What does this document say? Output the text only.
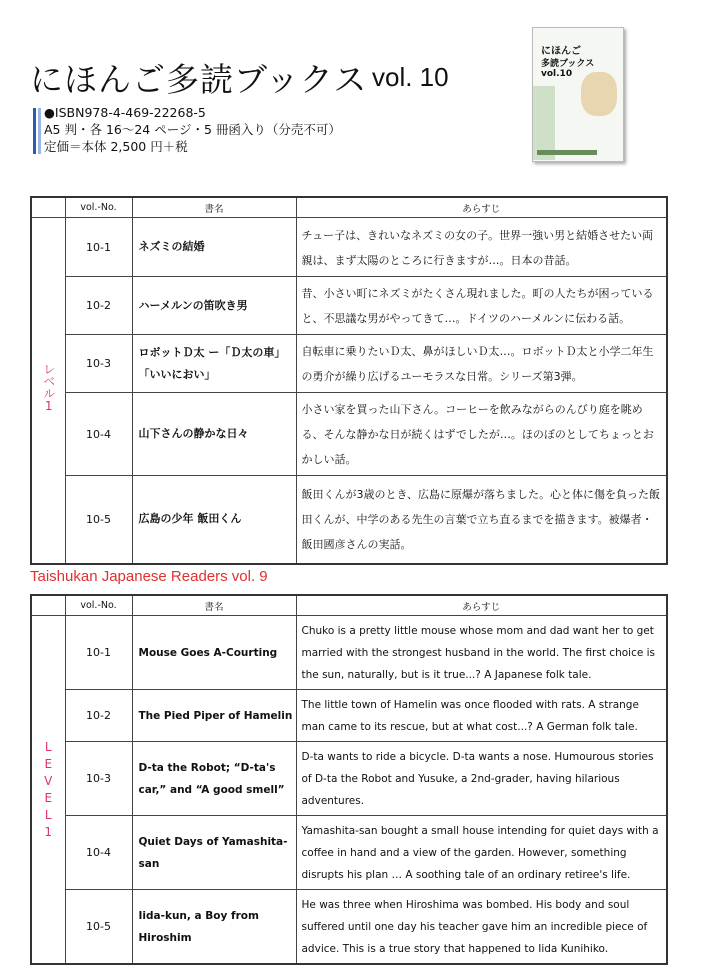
にほんご多読ブックス vol. 10
●ISBN978-4-469-22268-5
A5 判・各 16～24 ページ・5 冊函入り（分売不可）
定価＝本体 2,500 円＋税
にほんご
多読ブックス vol.10
	vol.-No.	書名	あらすじ
レベル1	10-1	ネズミの結婚	チュー子は、きれいなネズミの女の子。世界一強い男と結婚させたい両親は、まず太陽のところに行きますが…。日本の昔話。
	10-2	ハーメルンの笛吹き男	昔、小さい町にネズミがたくさん現れました。町の人たちが困っていると、不思議な男がやってきて…。ドイツのハーメルンに伝わる話。
	10-3	ロボットＤ太 ー「Ｄ太の車」「いいにおい」	自転車に乗りたいＤ太、鼻がほしいＤ太…。ロボットＤ太と小学二年生の勇介が繰り広げるユーモラスな日常。シリーズ第3弾。
	10-4	山下さんの静かな日々	小さい家を買った山下さん。コーヒーを飲みながらのんびり庭を眺める、そんな静かな日が続くはずでしたが…。ほのぼのとしてちょっとおかしい話。
	10-5	広島の少年 飯田くん	飯田くんが3歳のとき、広島に原爆が落ちました。心と体に傷を負った飯田くんが、中学のある先生の言葉で立ち直るまでを描きます。被爆者・飯田國彦さんの実話。
Taishukan Japanese Readers vol. 9
	vol.-No.	書名	あらすじ
LEVEL1	10-1	Mouse Goes A-Courting	Chuko is a pretty little mouse whose mom and dad want her to get married with the strongest husband in the world. The first choice is the sun, naturally, but is it true...? A Japanese folk tale.
	10-2	The Pied Piper of Hamelin	The little town of Hamelin was once flooded with rats. A strange man came to its rescue, but at what cost...? A German folk tale.
	10-3	D-ta the Robot; “D-ta's car,” and “A good smell”	D-ta wants to ride a bicycle. D-ta wants a nose. Humourous stories of D-ta the Robot and Yusuke, a 2nd-grader, having hilarious adventures.
	10-4	Quiet Days of Yamashita-san	Yamashita-san bought a small house intending for quiet days with a coffee in hand and a view of the garden. However, something disrupts his plan … A soothing tale of an ordinary retiree's life.
	10-5	Iida-kun, a Boy from Hiroshim	He was three when Hiroshima was bombed. His body and soul suffered until one day his teacher gave him an incredible piece of advice. This is a true story that happened to Iida Kunihiko.
